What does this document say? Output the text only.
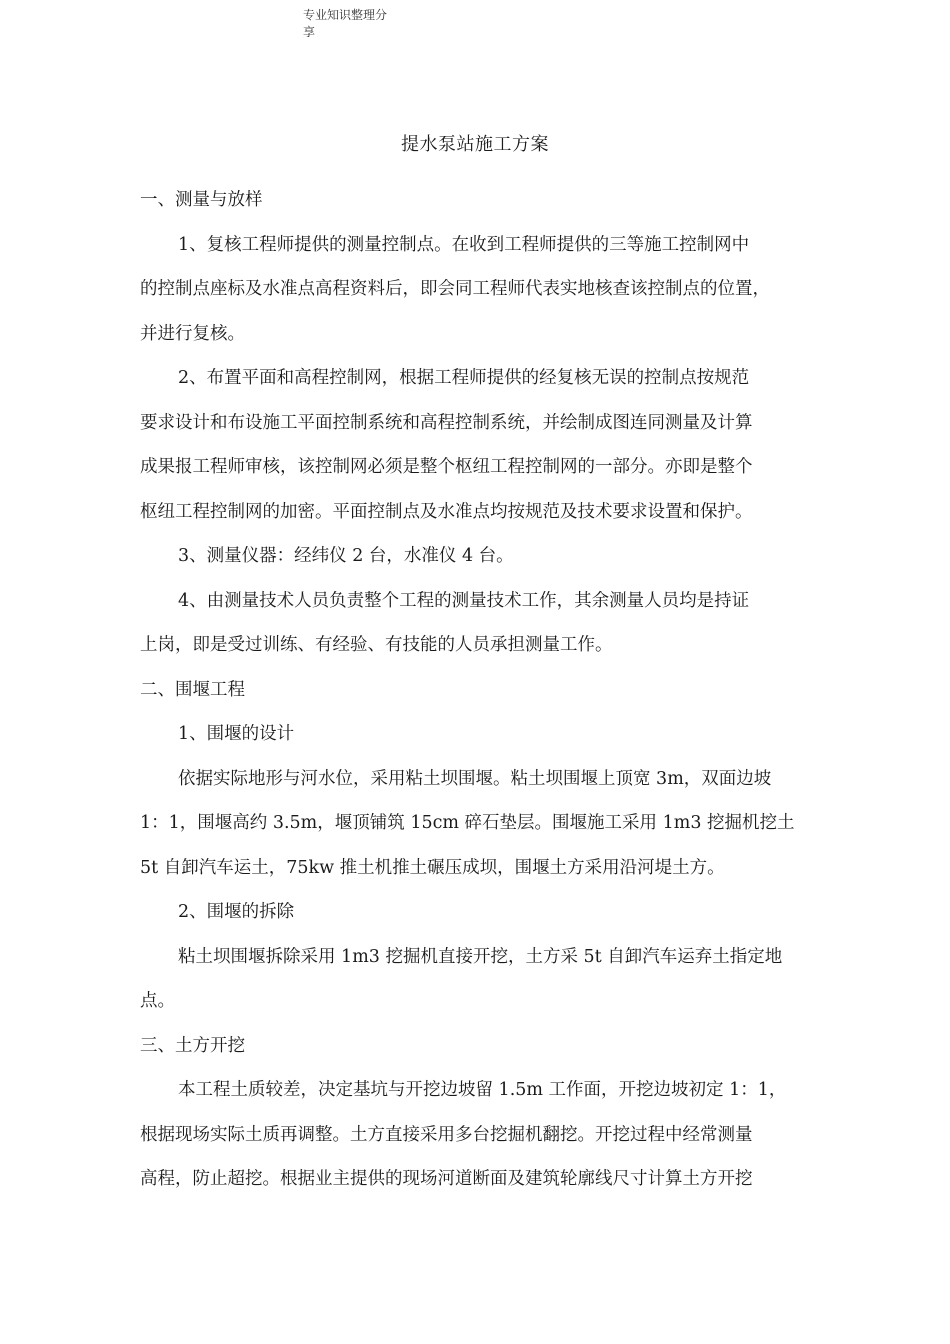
专业知识整理分享
提水泵站施工方案
一、测量与放样
1、复核工程师提供的测量控制点。在收到工程师提供的三等施工控制网中
的控制点座标及水准点高程资料后，即会同工程师代表实地核查该控制点的位置，
并进行复核。
2、布置平面和高程控制网，根据工程师提供的经复核无误的控制点按规范
要求设计和布设施工平面控制系统和高程控制系统，并绘制成图连同测量及计算
成果报工程师审核，该控制网必须是整个枢纽工程控制网的一部分。亦即是整个
枢纽工程控制网的加密。平面控制点及水准点均按规范及技术要求设置和保护。
3、测量仪器：经纬仪 2 台，水准仪 4 台。
4、由测量技术人员负责整个工程的测量技术工作，其余测量人员均是持证
上岗，即是受过训练、有经验、有技能的人员承担测量工作。
二、围堰工程
1、围堰的设计
依据实际地形与河水位，采用粘土坝围堰。粘土坝围堰上顶宽 3m，双面边坡
1：1，围堰高约 3.5m，堰顶铺筑 15cm 碎石垫层。围堰施工采用 1m3 挖掘机挖土
5t 自卸汽车运土，75kw 推土机推土碾压成坝，围堰土方采用沿河堤土方。
2、围堰的拆除
粘土坝围堰拆除采用 1m3 挖掘机直接开挖，土方采 5t 自卸汽车运弃土指定地
点。
三、土方开挖
本工程土质较差，决定基坑与开挖边坡留 1.5m 工作面，开挖边坡初定 1：1，
根据现场实际土质再调整。土方直接采用多台挖掘机翻挖。开挖过程中经常测量
高程，防止超挖。根据业主提供的现场河道断面及建筑轮廓线尺寸计算土方开挖
